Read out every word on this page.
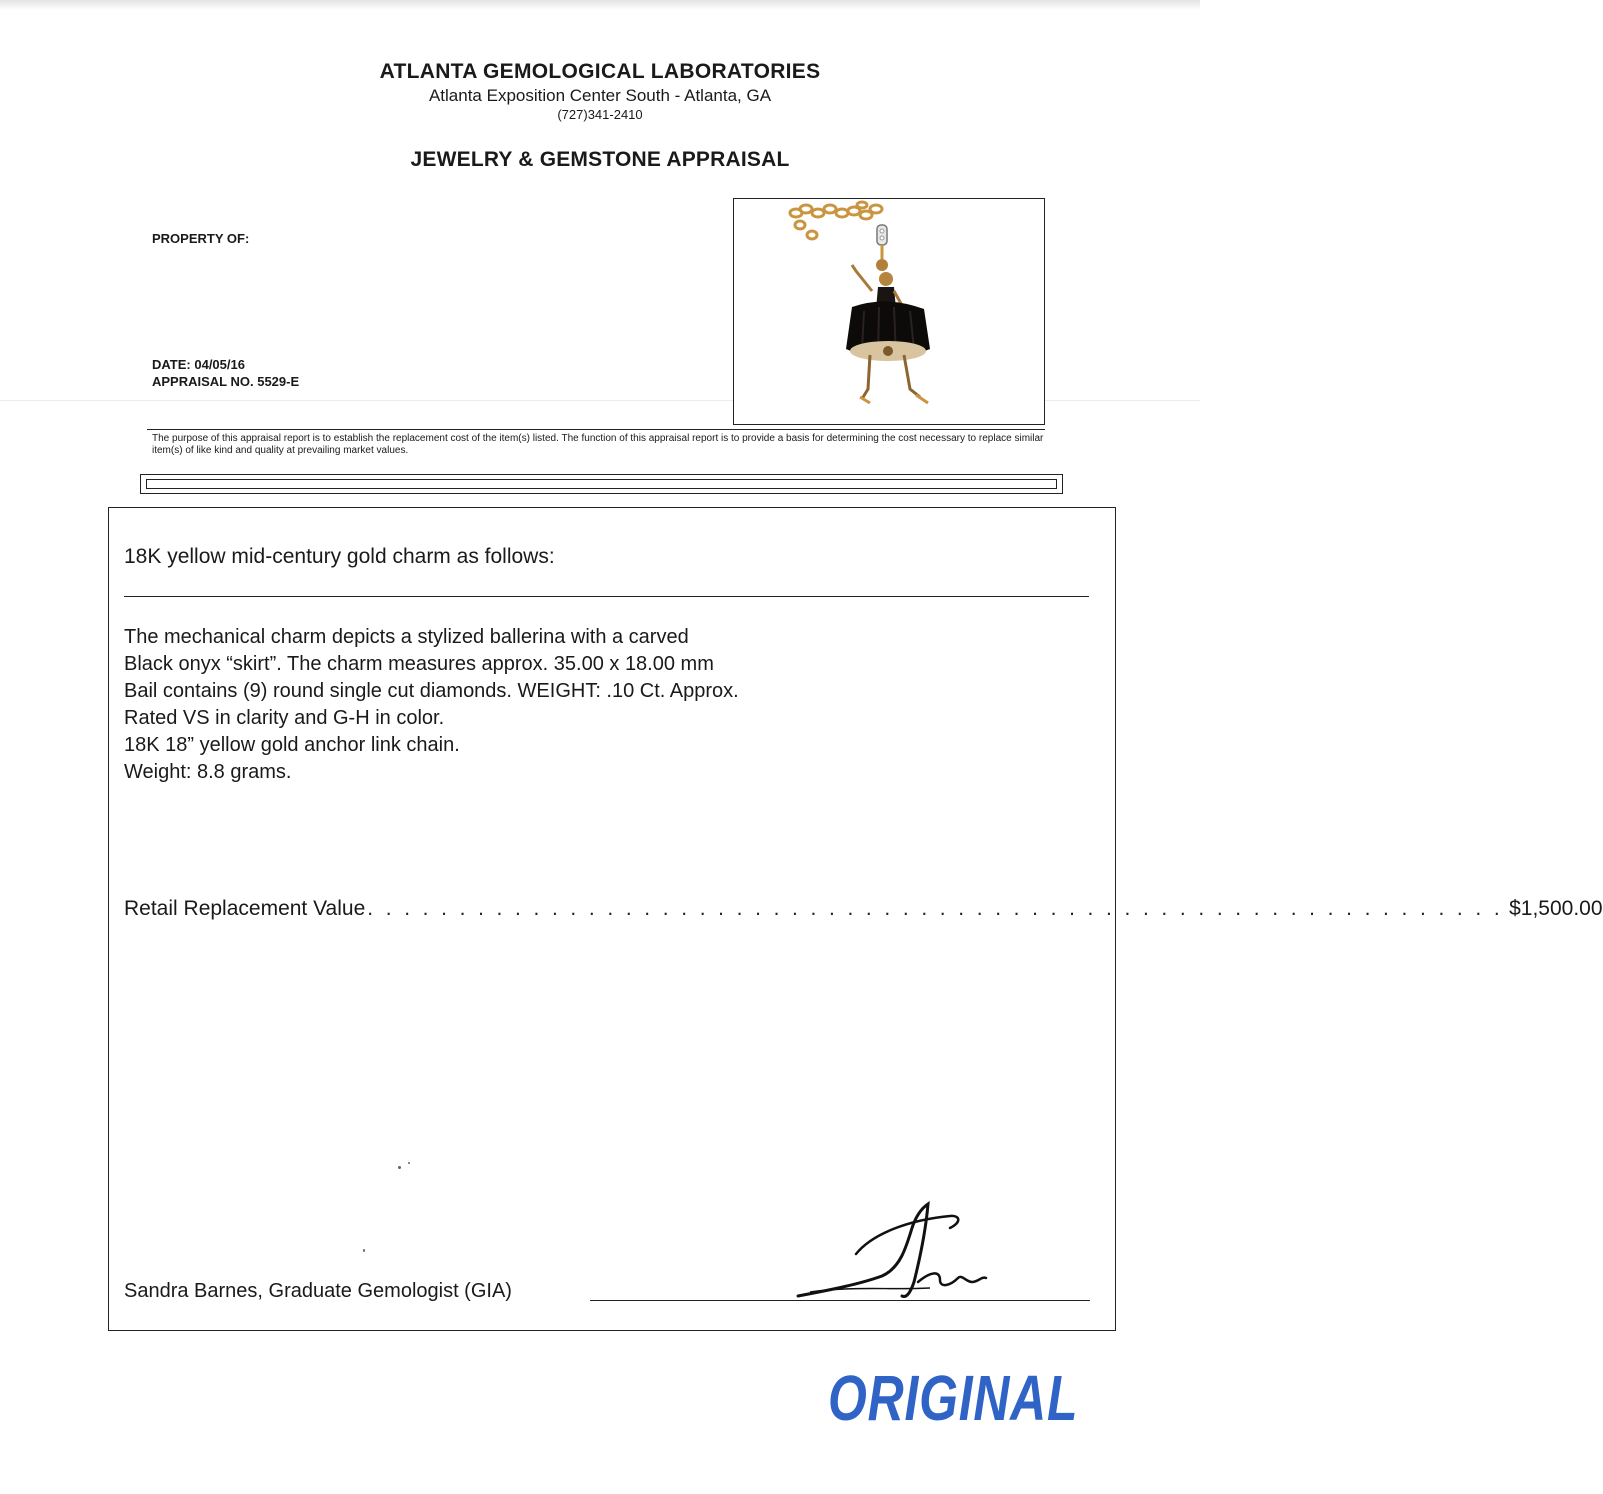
ATLANTA GEMOLOGICAL LABORATORIES

Atlanta Exposition Center South - Atlanta, GA

(727)341-2410

JEWELRY & GEMSTONE APPRAISAL
PROPERTY OF:
DATE: 04/05/16
APPRAISAL NO. 5529-E
The purpose of this appraisal report is to establish the replacement cost of the item(s) listed. The function of this appraisal report is to provide a basis for determining the cost necessary to replace similar item(s) of like kind and quality at prevailing market values.
18K yellow mid-century gold charm as follows:
The mechanical charm depicts a stylized ballerina with a carved
Black onyx “skirt”. The charm measures approx. 35.00 x 18.00 mm
Bail contains (9) round single cut diamonds. WEIGHT: .10 Ct. Approx.
Rated VS in clarity and G-H in color.
18K 18” yellow gold anchor link chain.
Weight: 8.8 grams.
Retail Replacement Value . . . . . . . . . . . . . . . . . . . . . . . . . . . . . . . . . . . . . . . . . . . . . . . . . . . . . . . . . . . . . . $1,500.00
Sandra Barnes, Graduate Gemologist (GIA)
ORIGINAL
